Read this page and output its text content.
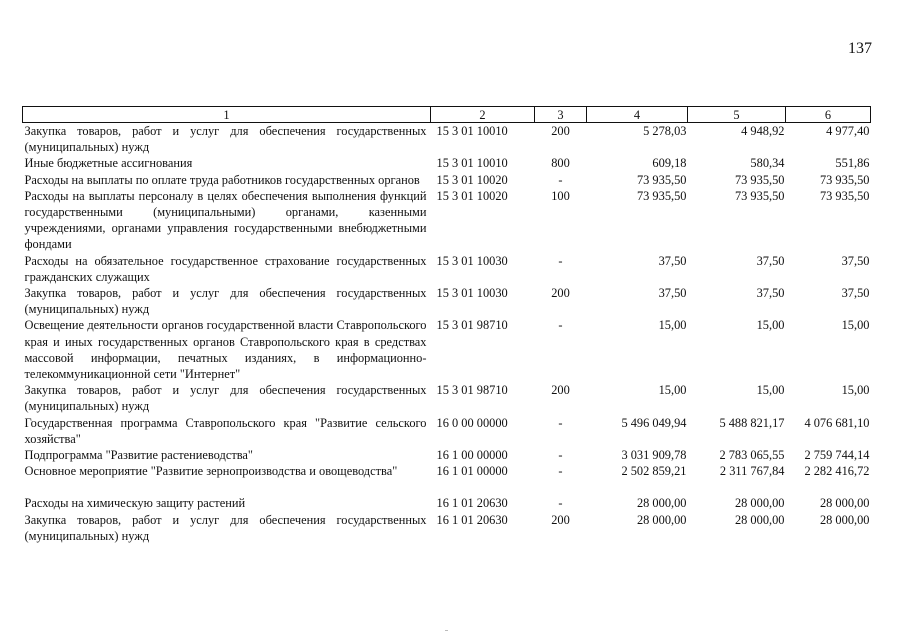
137
1	2	3	4	5	6
Закупка товаров, работ и услуг для обеспечения государственных (муниципальных) нужд	15 3 01 10010	200	5 278,03	4 948,92	4 977,40
Иные бюджетные ассигнования	15 3 01 10010	800	609,18	580,34	551,86
Расходы на выплаты по оплате труда работников государственных органов	15 3 01 10020	-	73 935,50	73 935,50	73 935,50
Расходы на выплаты персоналу в целях обеспечения выполнения функций государственными (муниципальными) органами, казенными учреждениями, органами управления государственными внебюджетными фондами	15 3 01 10020	100	73 935,50	73 935,50	73 935,50
Расходы на обязательное государственное страхование государственных гражданских служащих	15 3 01 10030	-	37,50	37,50	37,50
Закупка товаров, работ и услуг для обеспечения государственных (муниципальных) нужд	15 3 01 10030	200	37,50	37,50	37,50
Освещение деятельности органов государственной власти Ставропольского края и иных государственных органов Ставропольского края в средствах массовой информации, печатных изданиях, в информационно-телекоммуникационной сети "Интернет"	15 3 01 98710	-	15,00	15,00	15,00
Закупка товаров, работ и услуг для обеспечения государственных (муниципальных) нужд	15 3 01 98710	200	15,00	15,00	15,00
Государственная программа Ставропольского края "Развитие сельского хозяйства"	16 0 00 00000	-	5 496 049,94	5 488 821,17	4 076 681,10
Подпрограмма "Развитие растениеводства"	16 1 00 00000	-	3 031 909,78	2 783 065,55	2 759 744,14
Основное мероприятие "Развитие зернопроизводства и овощеводства"	16 1 01 00000	-	2 502 859,21	2 311 767,84	2 282 416,72

Расходы на химическую защиту растений	16 1 01 20630	-	28 000,00	28 000,00	28 000,00
Закупка товаров, работ и услуг для обеспечения государственных (муниципальных) нужд	16 1 01 20630	200	28 000,00	28 000,00	28 000,00
